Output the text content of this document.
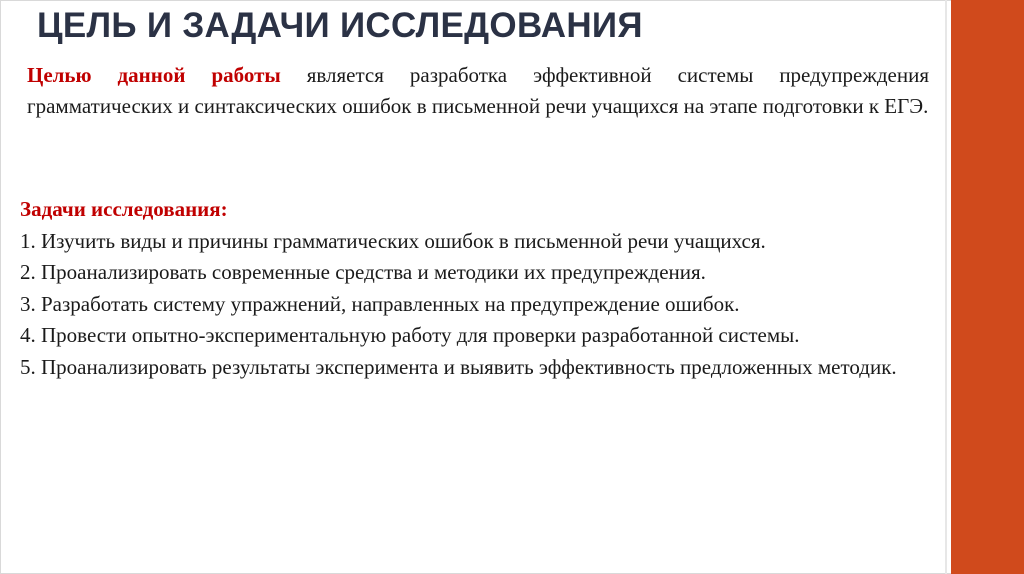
ЦЕЛЬ И ЗАДАЧИ ИССЛЕДОВАНИЯ

Целью данной работы является разработка эффективной системы предупреждения грамматических и синтаксических ошибок в письменной речи учащихся на этапе подготовки к ЕГЭ.

Задачи исследования:

1. Изучить виды и причины грамматических ошибок в письменной речи учащихся.

2. Проанализировать современные средства и методики их предупреждения.

3. Разработать систему упражнений, направленных на предупреждение ошибок.

4. Провести опытно-экспериментальную работу для проверки разработанной системы.

5. Проанализировать результаты эксперимента и выявить эффективность предложенных методик.
